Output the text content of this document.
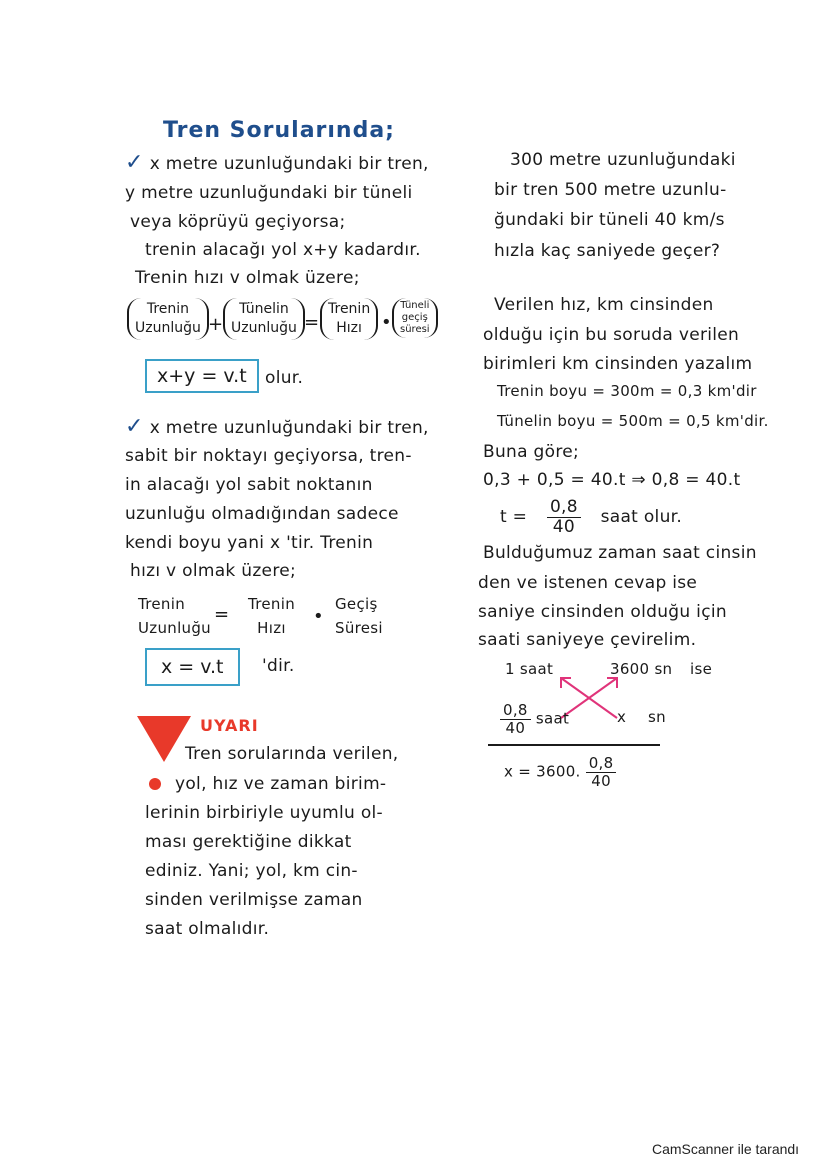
Tren Sorularında;
✓ x metre uzunluğundaki bir tren,
y metre uzunluğundaki bir tüneli
veya köprüyü geçiyorsa;
trenin alacağı yol x+y kadardır.
Trenin hızı v olmak üzere;
Trenin
Uzunluğu +
Tünelin
Uzunluğu =
Trenin
Hızı	•
Tüneli
geçiş
süresi
x+y = v.t	olur.
✓ x metre uzunluğundaki bir tren,
sabit bir noktayı geçiyorsa, tren-
in alacağı yol sabit noktanın
uzunluğu olmadığından sadece
kendi boyu yani x 'tir. Trenin
hızı v olmak üzere;
Trenin
Uzunluğu
= Trenin
Hızı
•
Geçiş
Süresi
x = v.t	'dir.
UYARI
Tren sorularında verilen,
yol, hız ve zaman birim-
lerinin birbiriyle uyumlu ol-
ması gerektiğine dikkat
ediniz. Yani; yol, km cin-
sinden verilmişse zaman
saat olmalıdır.
300 metre uzunluğundaki
bir tren 500 metre uzunlu-
ğundaki bir tüneli 40 km/s
hızla kaç saniyede geçer?
Verilen hız, km cinsinden
olduğu için bu soruda verilen
birimleri km cinsinden yazalım
Trenin boyu = 300m = 0,3 km'dir
Tünelin boyu = 500m = 0,5 km'dir.
Buna göre;
0,3 + 0,5 = 40.t ⇒ 0,8 = 40.t
$t = \frac{0,8}{40}$ saat olur.
Bulduğumuz zaman saat cinsin
den ve istenen cevap ise
saniye cinsinden olduğu için
saati saniyeye çevirelim.
1 saat	3600 sn ise
$\frac{0,8}{40}$ saat	x sn
x = 3600. $\frac{0,8}{40}$
CamScanner ile tarandı
